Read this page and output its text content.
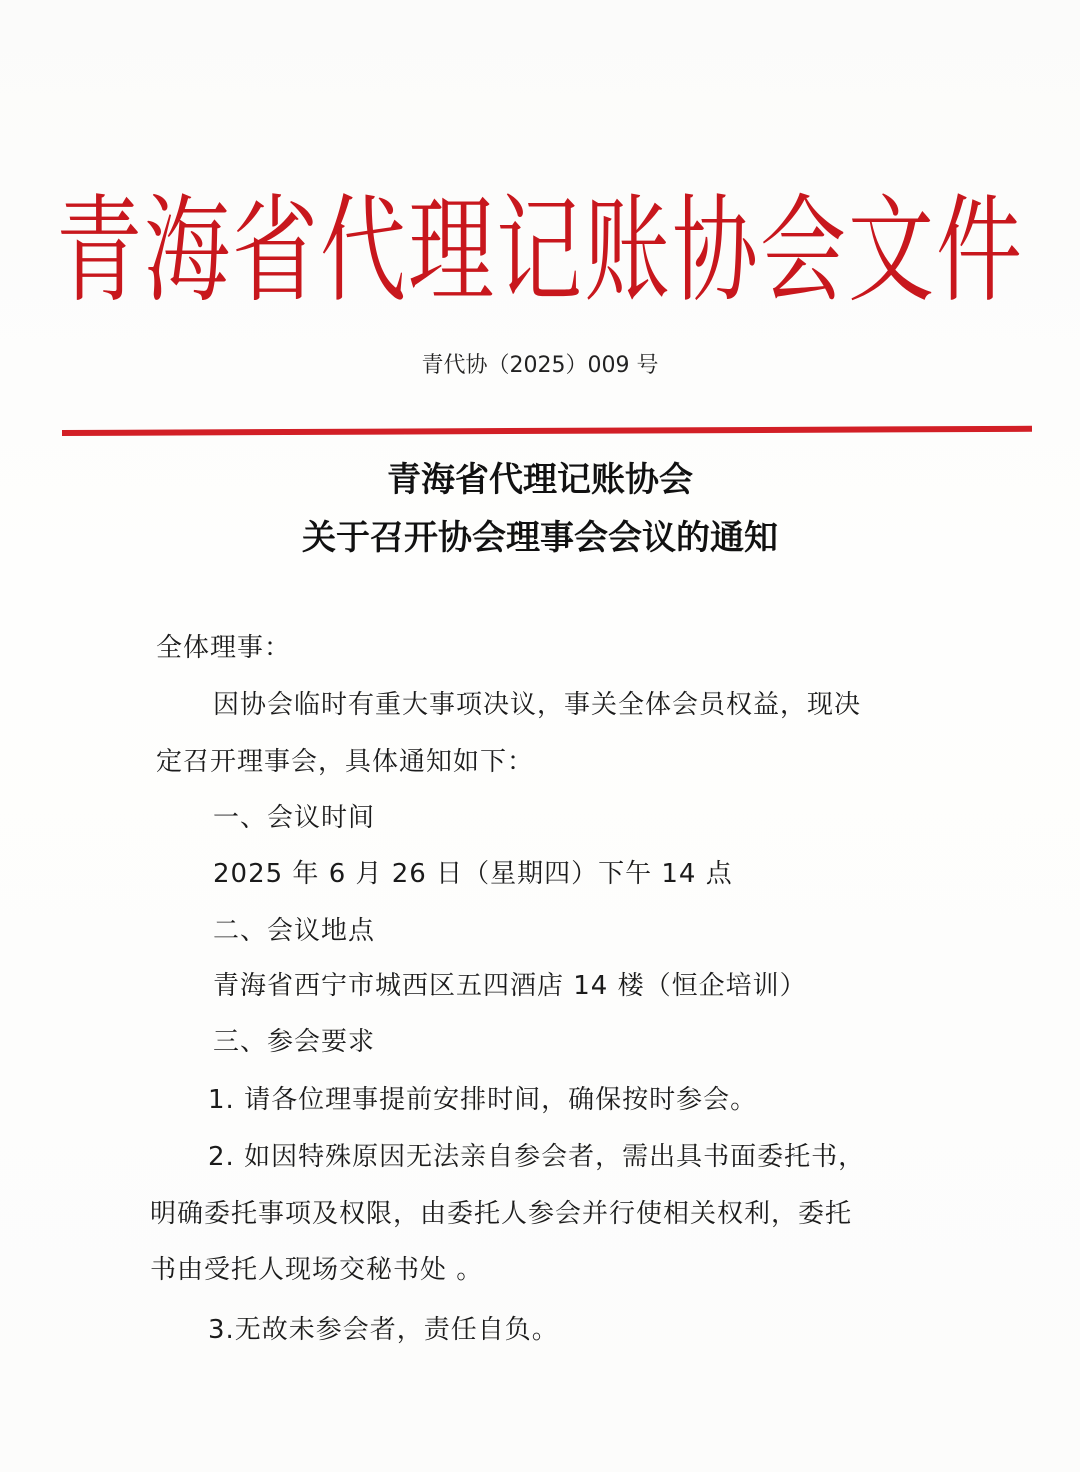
青海省代理记账协会文件
青代协（2025）009 号
青海省代理记账协会
关于召开协会理事会会议的通知
全体理事：
因协会临时有重大事项决议，事关全体会员权益，现决
定召开理事会，具体通知如下：
一、会议时间
2025 年 6 月 26 日（星期四）下午 14 点
二、会议地点
青海省西宁市城西区五四酒店 14 楼（恒企培训）
三、参会要求
1. 请各位理事提前安排时间，确保按时参会。
2. 如因特殊原因无法亲自参会者，需出具书面委托书，
明确委托事项及权限，由委托人参会并行使相关权利，委托
书由受托人现场交秘书处 。
3.无故未参会者，责任自负。
